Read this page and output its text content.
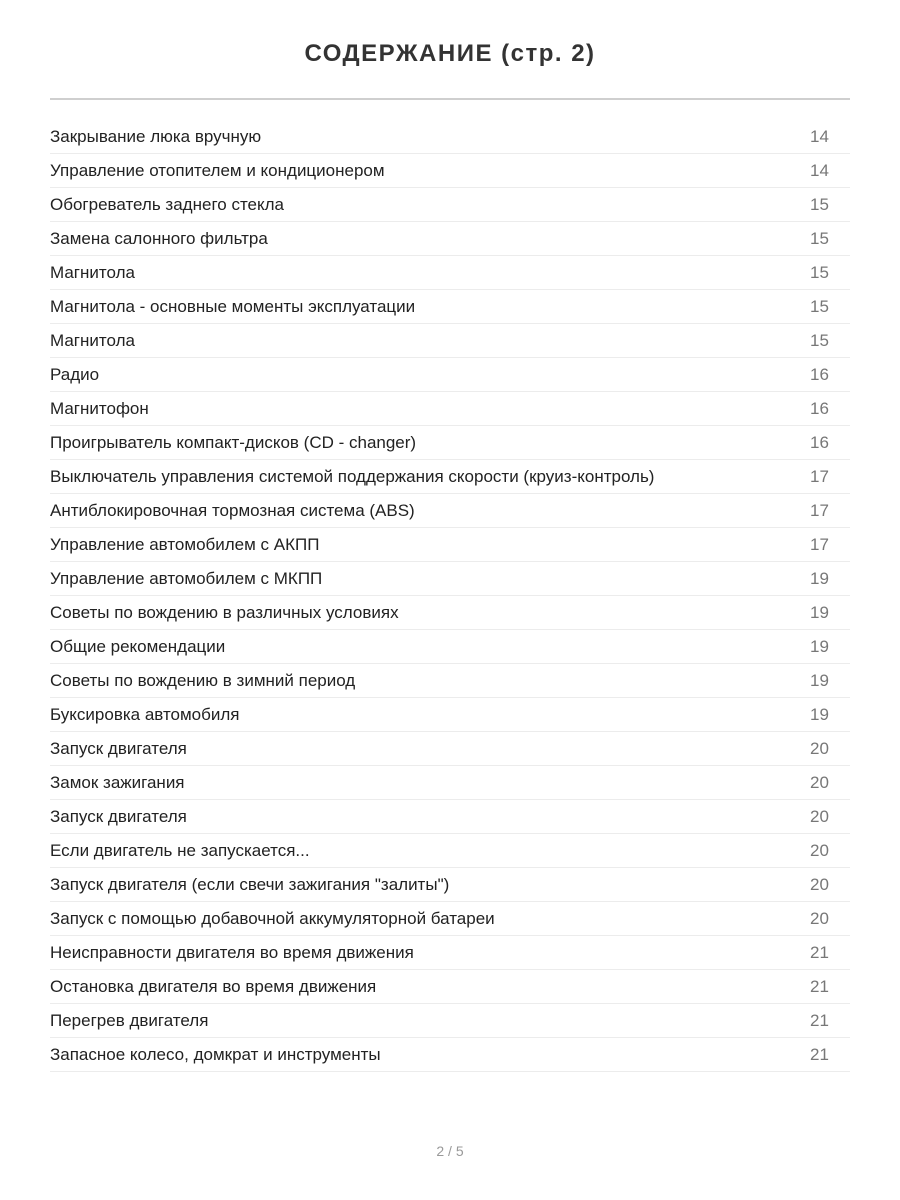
СОДЕРЖАНИЕ (стр. 2)
Закрывание люка вручную	14
Управление отопителем и кондиционером	14
Обогреватель заднего стекла	15
Замена салонного фильтра	15
Магнитола	15
Магнитола - основные моменты эксплуатации	15
Магнитола	15
Радио	16
Магнитофон	16
Проигрыватель компакт-дисков (CD - changer)	16
Выключатель управления системой поддержания скорости (круиз-контроль)	17
Антиблокировочная тормозная система (ABS)	17
Управление автомобилем с АКПП	17
Управление автомобилем с МКПП	19
Советы по вождению в различных условиях	19
Общие рекомендации	19
Советы по вождению в зимний период	19
Буксировка автомобиля	19
Запуск двигателя	20
Замок зажигания	20
Запуск двигателя	20
Если двигатель не запускается...	20
Запуск двигателя (если свечи зажигания "залиты")	20
Запуск с помощью добавочной аккумуляторной батареи	20
Неисправности двигателя во время движения	21
Остановка двигателя во время движения	21
Перегрев двигателя	21
Запасное колесо, домкрат и инструменты	21
2 / 5
